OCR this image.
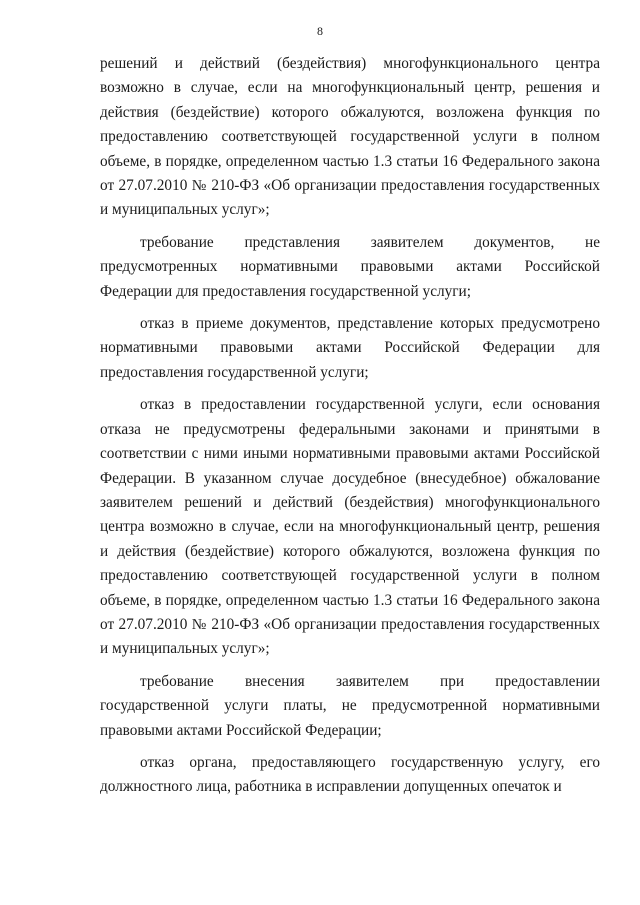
8

решений и действий (бездействия) многофункционального центра возможно в случае, если на многофункциональный центр, решения и действия (бездействие) которого обжалуются, возложена функция по предоставлению соответствующей государственной услуги в полном объеме, в порядке, определенном частью 1.3 статьи 16 Федерального закона от 27.07.2010 № 210-ФЗ «Об организации предоставления государственных и муниципальных услуг»;

требование представления заявителем документов, не предусмотренных нормативными правовыми актами Российской Федерации для предоставления государственной услуги;

отказ в приеме документов, представление которых предусмотрено нормативными правовыми актами Российской Федерации для предоставления государственной услуги;

отказ в предоставлении государственной услуги, если основания отказа не предусмотрены федеральными законами и принятыми в соответствии с ними иными нормативными правовыми актами Российской Федерации. В указанном случае досудебное (внесудебное) обжалование заявителем решений и действий (бездействия) многофункционального центра возможно в случае, если на многофункциональный центр, решения и действия (бездействие) которого обжалуются, возложена функция по предоставлению соответствующей государственной услуги в полном объеме, в порядке, определенном частью 1.3 статьи 16 Федерального закона от 27.07.2010 № 210-ФЗ «Об организации предоставления государственных и муниципальных услуг»;

требование внесения заявителем при предоставлении государственной услуги платы, не предусмотренной нормативными правовыми актами Российской Федерации;

отказ органа, предоставляющего государственную услугу, его должностного лица, работника в исправлении допущенных опечаток и
